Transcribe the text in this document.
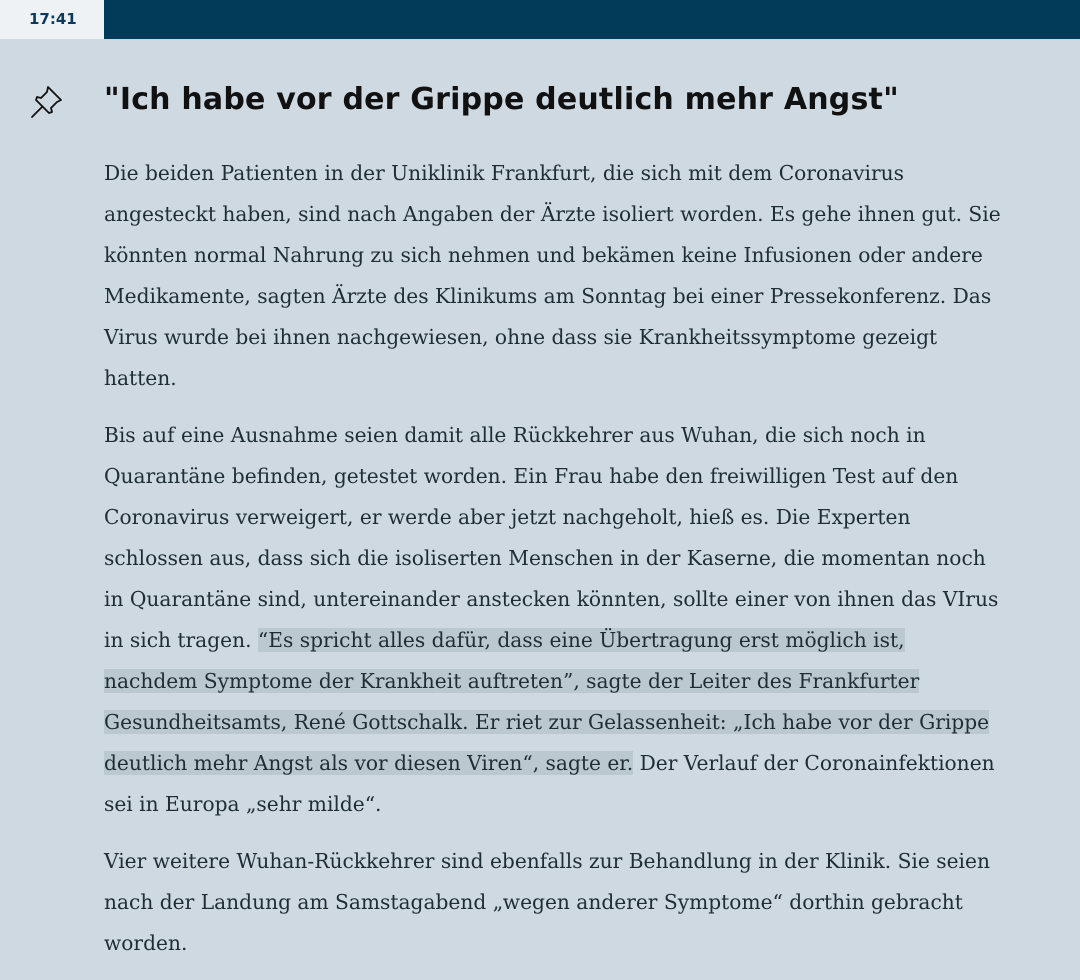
17:41
"Ich habe vor der Grippe deutlich mehr Angst"

Die beiden Patienten in der Uniklinik Frankfurt, die sich mit dem Coronavirus angesteckt haben, sind nach Angaben der Ärzte isoliert worden. Es gehe ihnen gut. Sie könnten normal Nahrung zu sich nehmen und bekämen keine Infusionen oder andere Medikamente, sagten Ärzte des Klinikums am Sonntag bei einer Pressekonferenz. Das Virus wurde bei ihnen nachgewiesen, ohne dass sie Krankheitssymptome gezeigt hatten.

Bis auf eine Ausnahme seien damit alle Rückkehrer aus Wuhan, die sich noch in Quarantäne befinden, getestet worden. Ein Frau habe den freiwilligen Test auf den Coronavirus verweigert, er werde aber jetzt nachgeholt, hieß es. Die Experten schlossen aus, dass sich die isoliserten Menschen in der Kaserne, die momentan noch in Quarantäne sind, untereinander anstecken könnten, sollte einer von ihnen das VIrus in sich tragen. “Es spricht alles dafür, dass eine Übertragung erst möglich ist, nachdem Symptome der Krankheit auftreten”, sagte der Leiter des Frankfurter Gesundheitsamts, René Gottschalk. Er riet zur Gelassenheit: „Ich habe vor der Grippe deutlich mehr Angst als vor diesen Viren“, sagte er. Der Verlauf der Coronainfektionen sei in Europa „sehr milde“.

Vier weitere Wuhan-Rückkehrer sind ebenfalls zur Behandlung in der Klinik. Sie seien nach der Landung am Samstagabend „wegen anderer Symptome“ dorthin gebracht worden.
